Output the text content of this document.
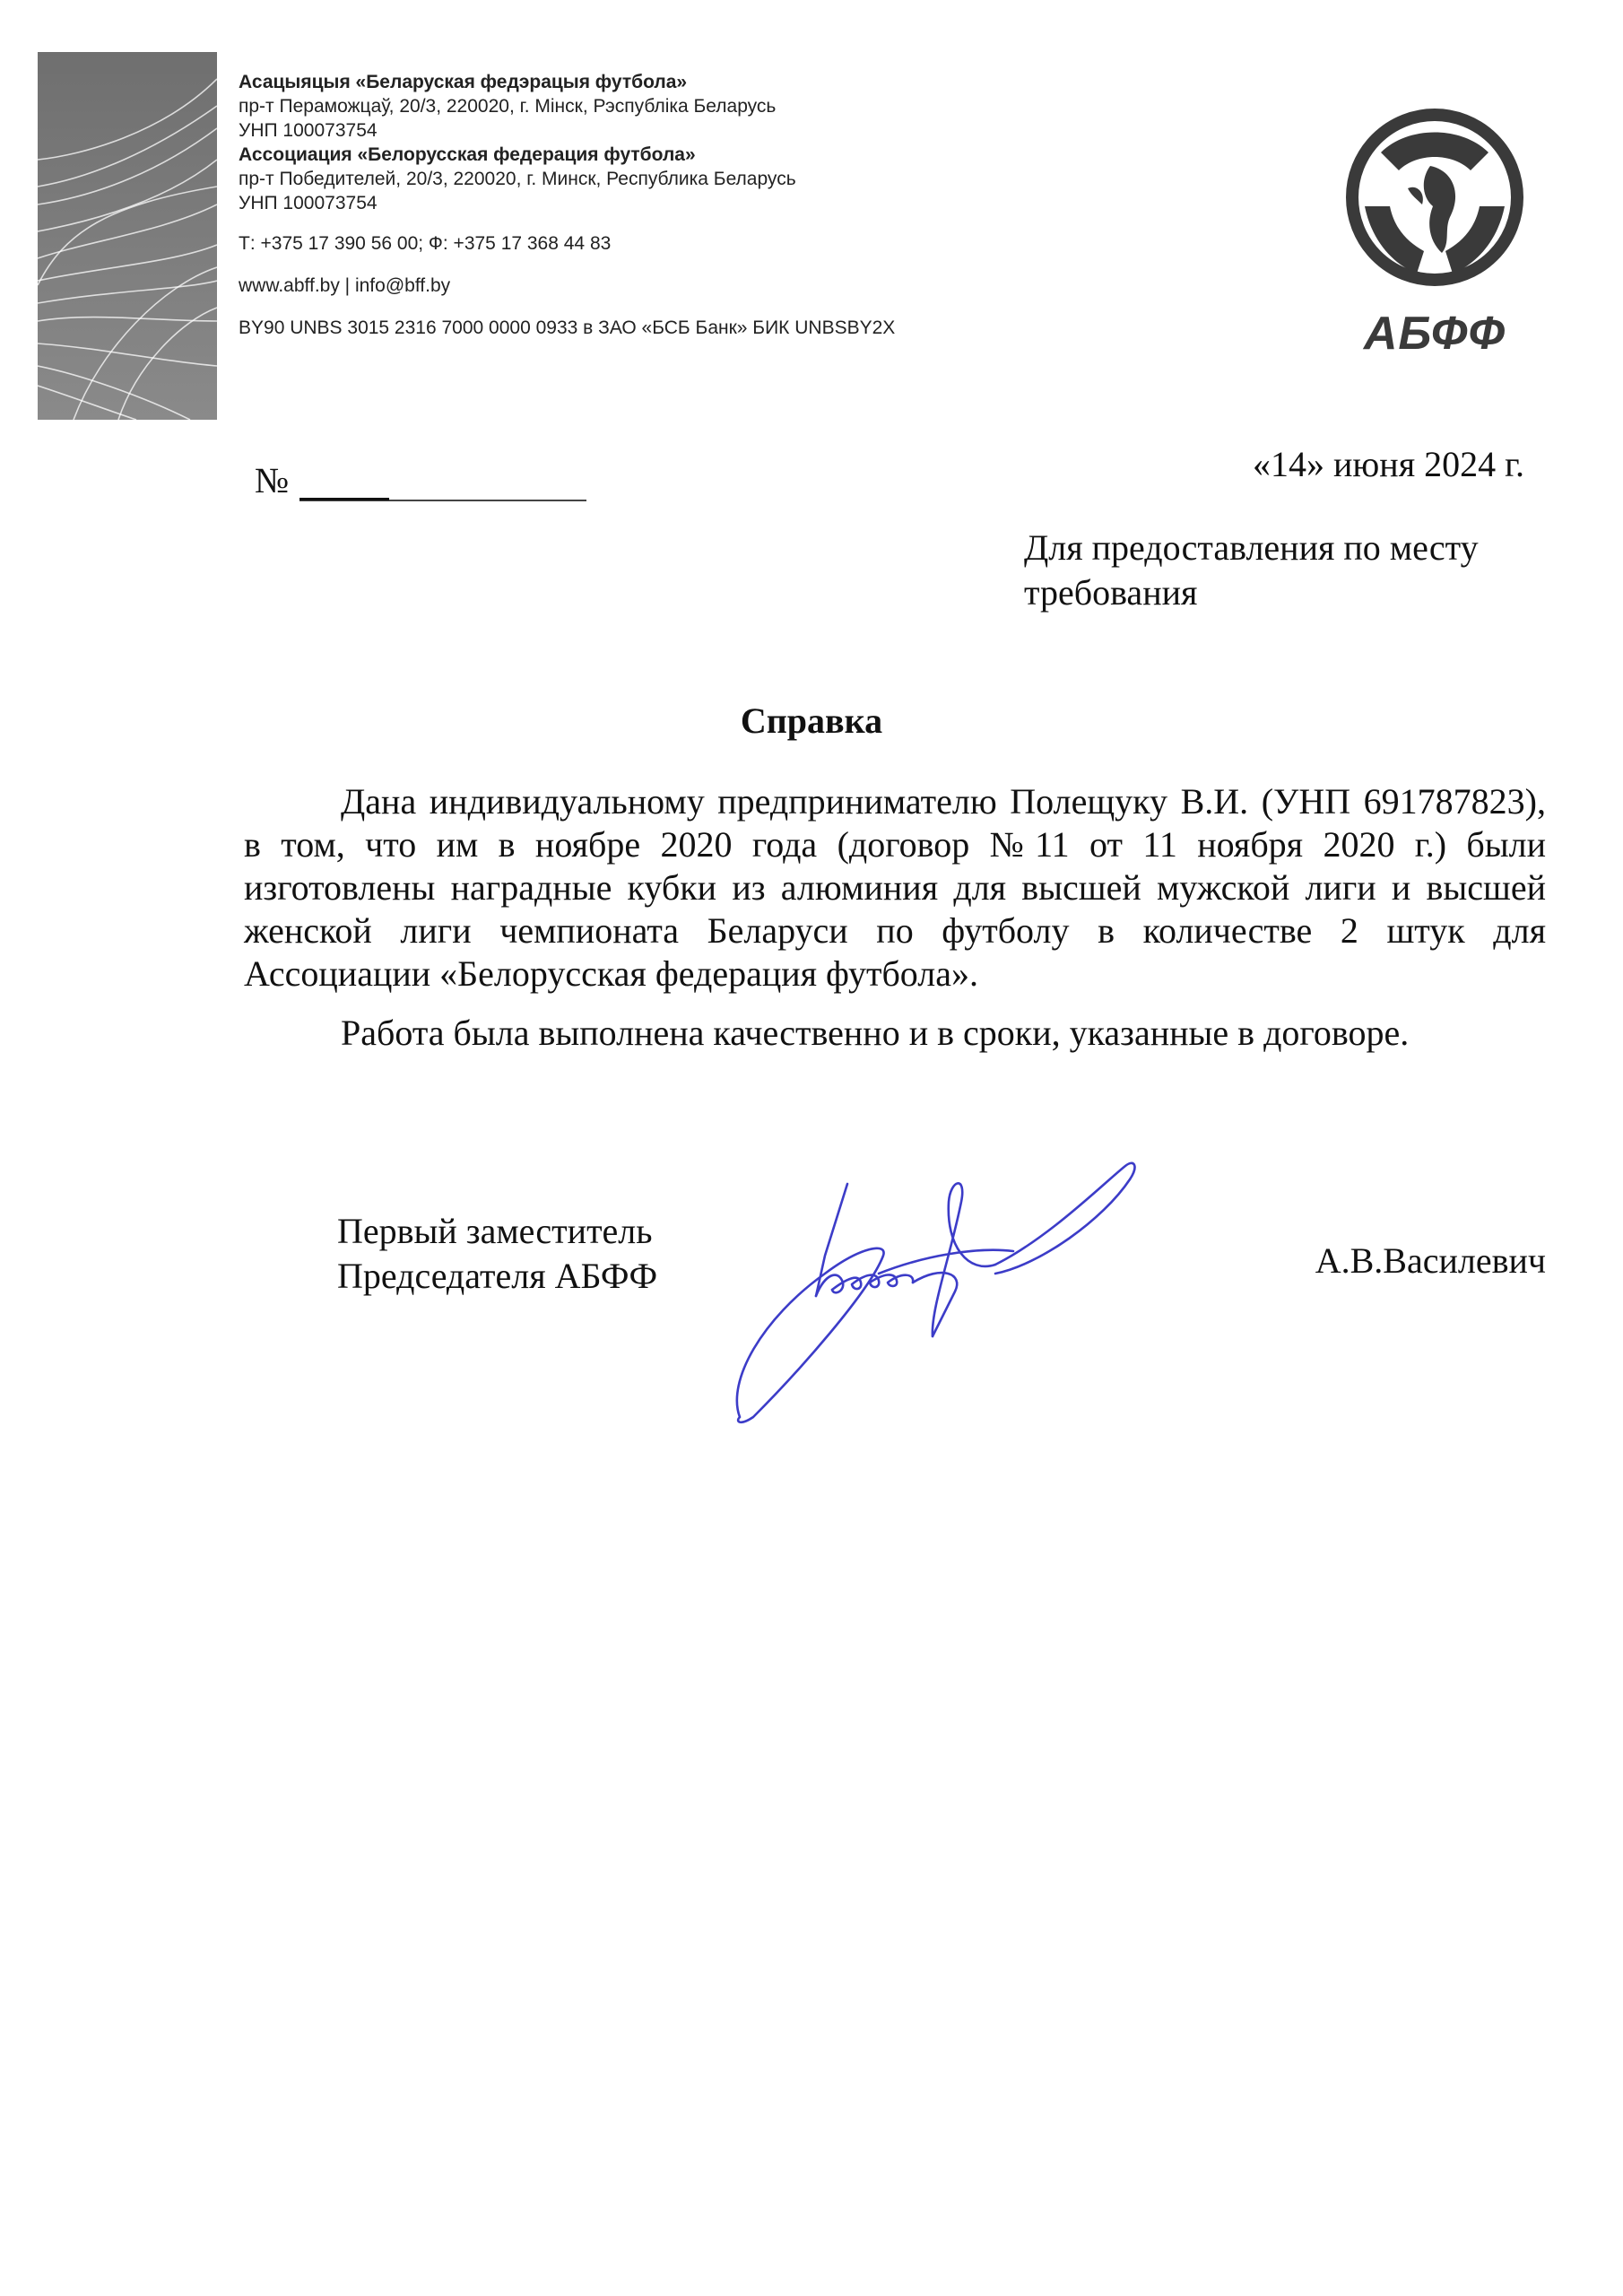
Асацыяцыя «Беларуская федэрацыя футбола»
пр-т Пераможцаў, 20/3, 220020, г. Мінск, Рэспубліка Беларусь
УНП 100073754
Ассоциация «Белорусская федерация футбола»
пр-т Победителей, 20/3, 220020, г. Минск, Республика Беларусь
УНП 100073754
Т: +375 17 390 56 00; Ф: +375 17 368 44 83
www.abff.by | info@bff.by
BY90 UNBS 3015 2316 7000 0000 0933 в ЗАО «БСБ Банк» БИК UNBSBY2X	АБФФ
№	«14» июня 2024 г.
Для предоставления по месту требования
Справка
Дана индивидуальному предпринимателю Полещуку В.И. (УНП 691787823), в том, что им в ноябре 2020 года (договор №11 от 11 ноября 2020 г.) были изготовлены наградные кубки из алюминия для высшей мужской лиги и высшей женской лиги чемпионата Беларуси по футболу в количестве 2 штук для Ассоциации «Белорусская федерация футбола».
Работа была выполнена качественно и в сроки, указанные в договоре.
Первый заместитель
Председателя АБФФ	А.В.Василевич
